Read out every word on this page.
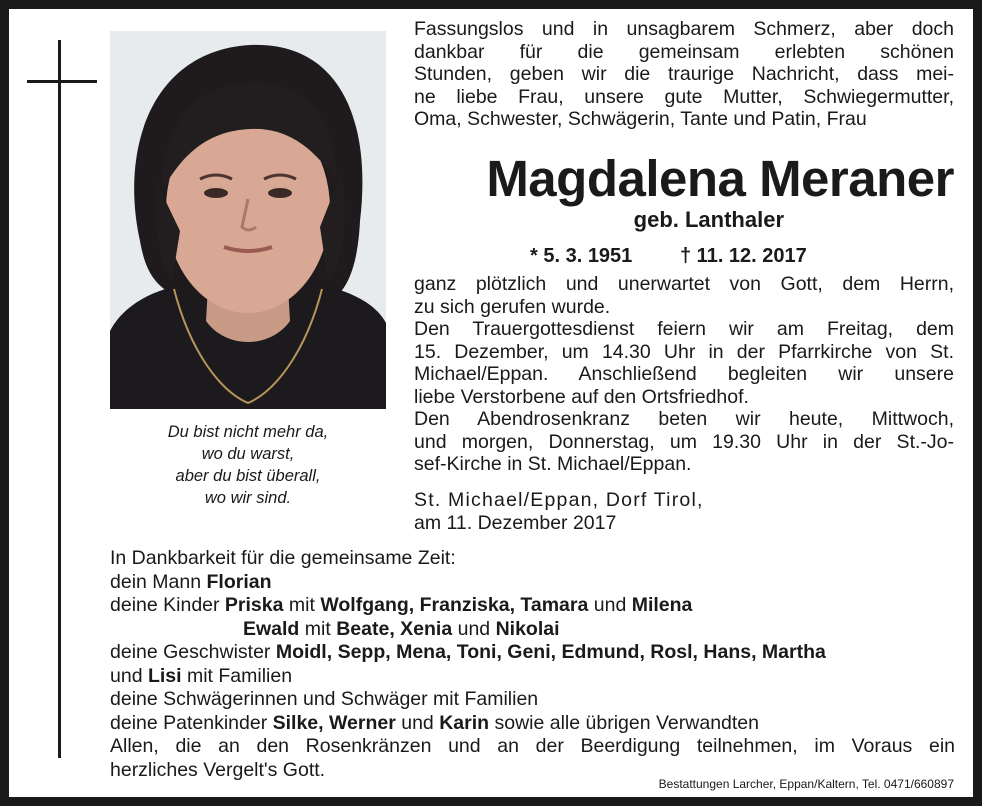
Du bist nicht mehr da,
wo du warst,
aber du bist überall,
wo wir sind.
Fassungslos und in unsagbarem Schmerz, aber doch
dankbar für die gemeinsam erlebten schönen
Stunden, geben wir die traurige Nachricht, dass mei-
ne liebe Frau, unsere gute Mutter, Schwiegermutter,
Oma, Schwester, Schwägerin, Tante und Patin, Frau
Magdalena Meraner
geb. Lanthaler
* 5. 3. 1951 † 11. 12. 2017
ganz plötzlich und unerwartet von Gott, dem Herrn,
zu sich gerufen wurde.
Den Trauergottesdienst feiern wir am Freitag, dem
15. Dezember, um 14.30 Uhr in der Pfarrkirche von St.
Michael/Eppan. Anschließend begleiten wir unsere
liebe Verstorbene auf den Ortsfriedhof.
Den Abendrosenkranz beten wir heute, Mittwoch,
und morgen, Donnerstag, um 19.30 Uhr in der St.-Jo-
sef-Kirche in St. Michael/Eppan.
St. Michael/Eppan, Dorf Tirol,
am 11. Dezember 2017
In Dankbarkeit für die gemeinsame Zeit:
dein Mann Florian
deine Kinder Priska mit Wolfgang, Franziska, Tamara und Milena
Ewald mit Beate, Xenia und Nikolai
deine Geschwister Moidl, Sepp, Mena, Toni, Geni, Edmund, Rosl, Hans, Martha
und Lisi mit Familien
deine Schwägerinnen und Schwäger mit Familien
deine Patenkinder Silke, Werner und Karin sowie alle übrigen Verwandten
Allen, die an den Rosenkränzen und an der Beerdigung teilnehmen, im Voraus ein
herzliches Vergelt's Gott.
Bestattungen Larcher, Eppan/Kaltern, Tel. 0471/660897
